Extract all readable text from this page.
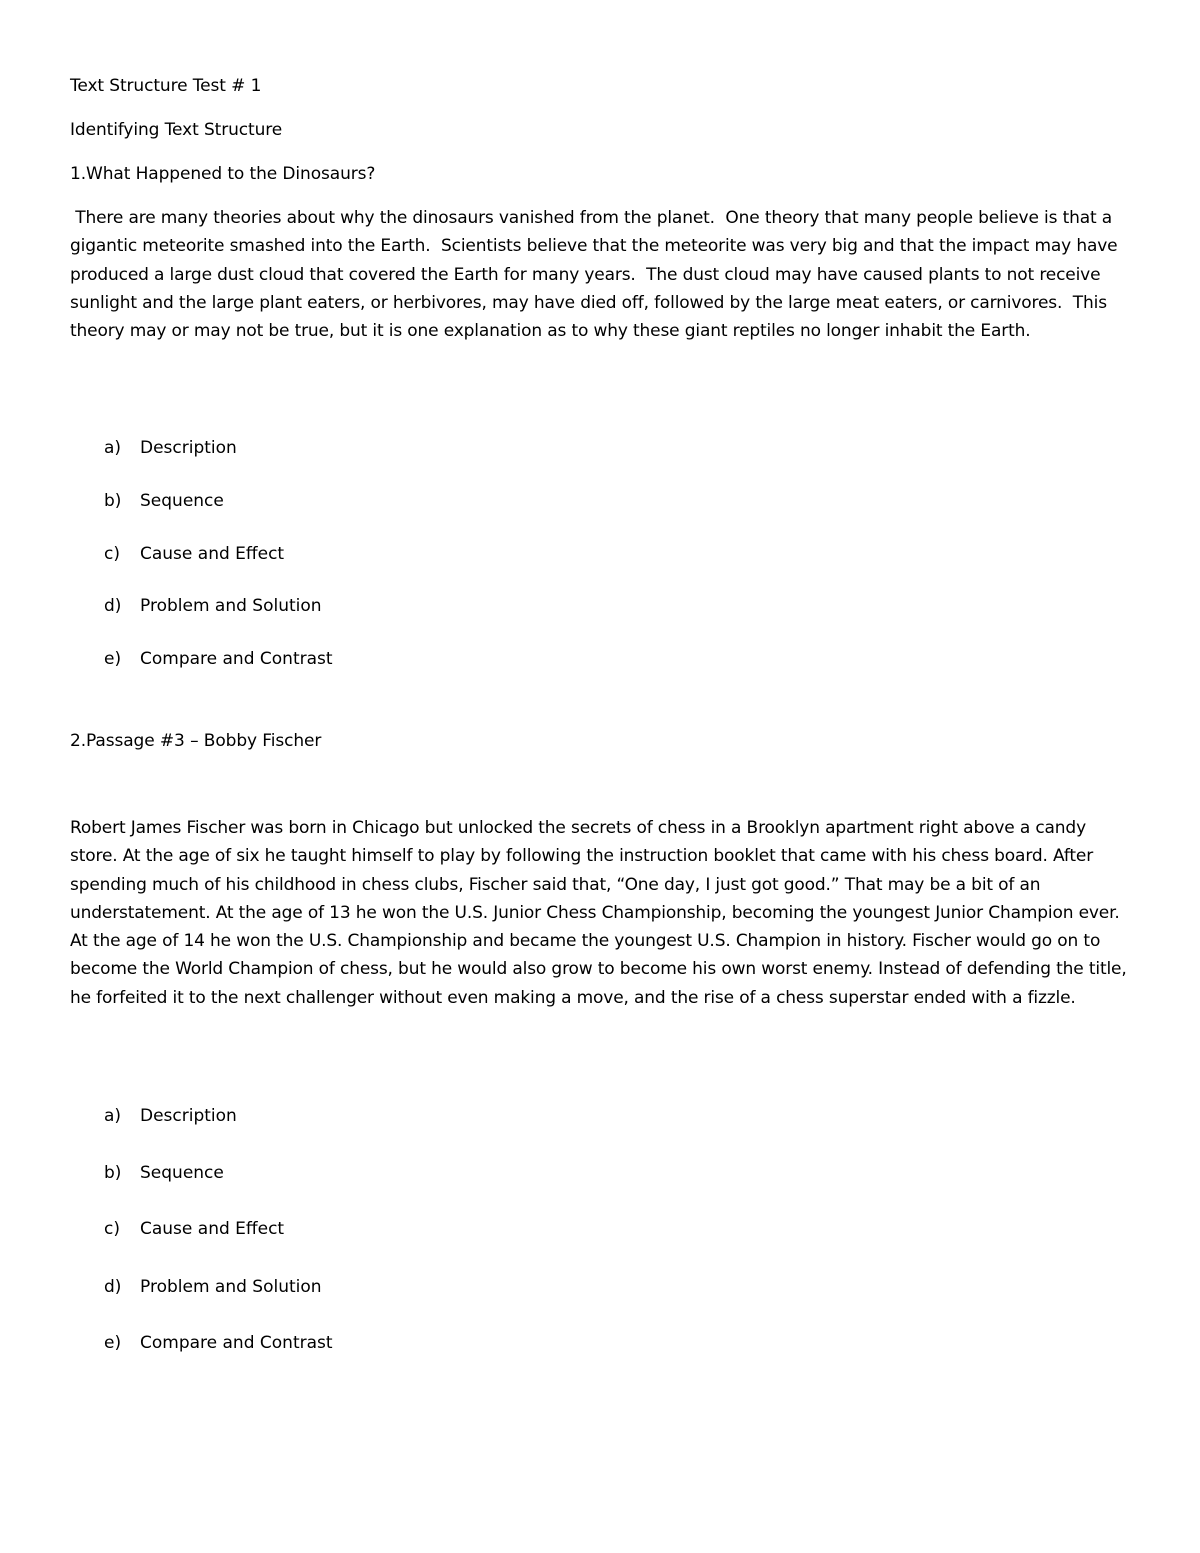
Text Structure Test # 1
Identifying Text Structure
1.What Happened to the Dinosaurs?
There are many theories about why the dinosaurs vanished from the planet.  One theory that many people believe is that a gigantic meteorite smashed into the Earth.  Scientists believe that the meteorite was very big and that the impact may have produced a large dust cloud that covered the Earth for many years.  The dust cloud may have caused plants to not receive sunlight and the large plant eaters, or herbivores, may have died off, followed by the large meat eaters, or carnivores.  This theory may or may not be true, but it is one explanation as to why these giant reptiles no longer inhabit the Earth.
a) Description
b) Sequence
c) Cause and Effect
d) Problem and Solution
e) Compare and Contrast
2.Passage #3 – Bobby Fischer
Robert James Fischer was born in Chicago but unlocked the secrets of chess in a Brooklyn apartment right above a candy store. At the age of six he taught himself to play by following the instruction booklet that came with his chess board. After spending much of his childhood in chess clubs, Fischer said that, “One day, I just got good.” That may be a bit of an understatement. At the age of 13 he won the U.S. Junior Chess Championship, becoming the youngest Junior Champion ever. At the age of 14 he won the U.S. Championship and became the youngest U.S. Champion in history. Fischer would go on to become the World Champion of chess, but he would also grow to become his own worst enemy. Instead of defending the title, he forfeited it to the next challenger without even making a move, and the rise of a chess superstar ended with a fizzle.
a) Description
b) Sequence
c) Cause and Effect
d) Problem and Solution
e) Compare and Contrast
